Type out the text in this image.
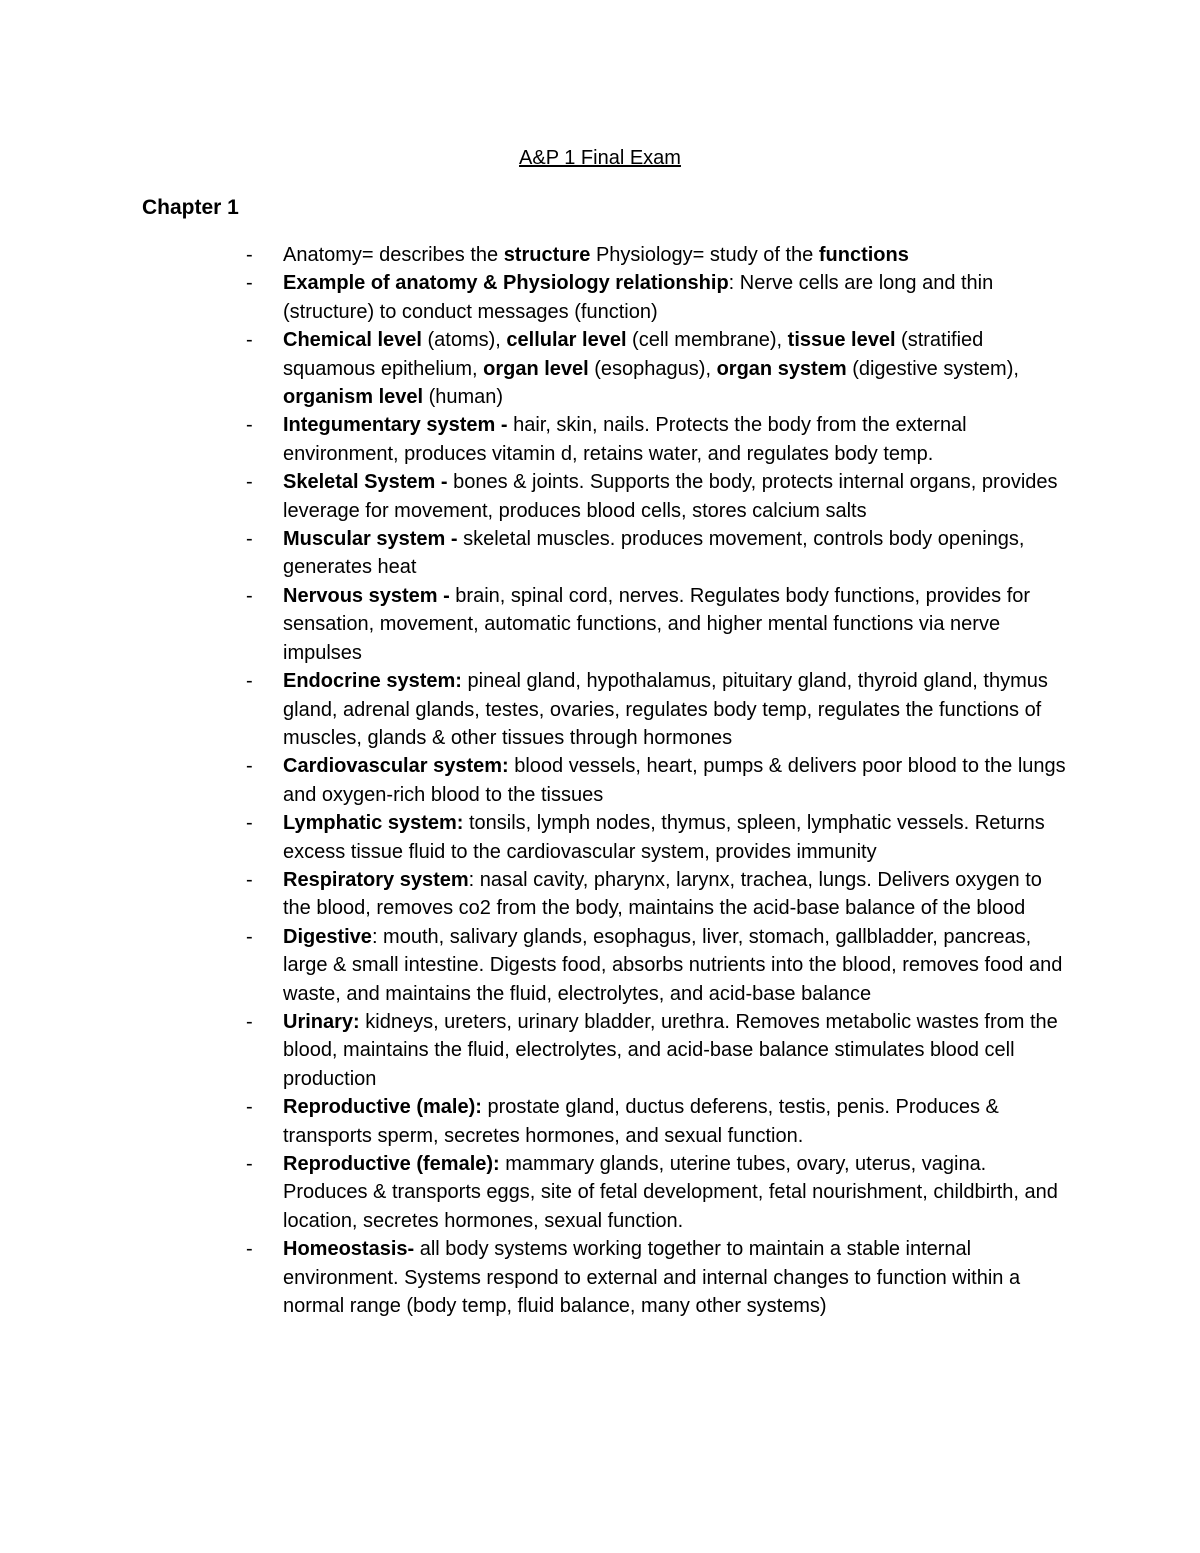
A&P 1 Final Exam
Chapter 1
- Anatomy= describes the structure Physiology= study of the functions
- Example of anatomy & Physiology relationship: Nerve cells are long and thin (structure) to conduct messages (function)
- Chemical level (atoms), cellular level (cell membrane), tissue level (stratified squamous epithelium, organ level (esophagus), organ system (digestive system), organism level (human)
- Integumentary system - hair, skin, nails. Protects the body from the external environment, produces vitamin d, retains water, and regulates body temp.
- Skeletal System - bones & joints. Supports the body, protects internal organs, provides leverage for movement, produces blood cells, stores calcium salts
- Muscular system - skeletal muscles. produces movement, controls body openings, generates heat
- Nervous system - brain, spinal cord, nerves. Regulates body functions, provides for sensation, movement, automatic functions, and higher mental functions via nerve impulses
- Endocrine system: pineal gland, hypothalamus, pituitary gland, thyroid gland, thymus gland, adrenal glands, testes, ovaries, regulates body temp, regulates the functions of muscles, glands & other tissues through hormones
- Cardiovascular system: blood vessels, heart, pumps & delivers poor blood to the lungs and oxygen-rich blood to the tissues
- Lymphatic system: tonsils, lymph nodes, thymus, spleen, lymphatic vessels. Returns excess tissue fluid to the cardiovascular system, provides immunity
- Respiratory system: nasal cavity, pharynx, larynx, trachea, lungs. Delivers oxygen to the blood, removes co2 from the body, maintains the acid-base balance of the blood
- Digestive: mouth, salivary glands, esophagus, liver, stomach, gallbladder, pancreas, large & small intestine. Digests food, absorbs nutrients into the blood, removes food and waste, and maintains the fluid, electrolytes, and acid-base balance
- Urinary: kidneys, ureters, urinary bladder, urethra. Removes metabolic wastes from the blood, maintains the fluid, electrolytes, and acid-base balance stimulates blood cell production
- Reproductive (male): prostate gland, ductus deferens, testis, penis. Produces & transports sperm, secretes hormones, and sexual function.
- Reproductive (female): mammary glands, uterine tubes, ovary, uterus, vagina. Produces & transports eggs, site of fetal development, fetal nourishment, childbirth, and location, secretes hormones, sexual function.
- Homeostasis- all body systems working together to maintain a stable internal environment. Systems respond to external and internal changes to function within a normal range (body temp, fluid balance, many other systems)
